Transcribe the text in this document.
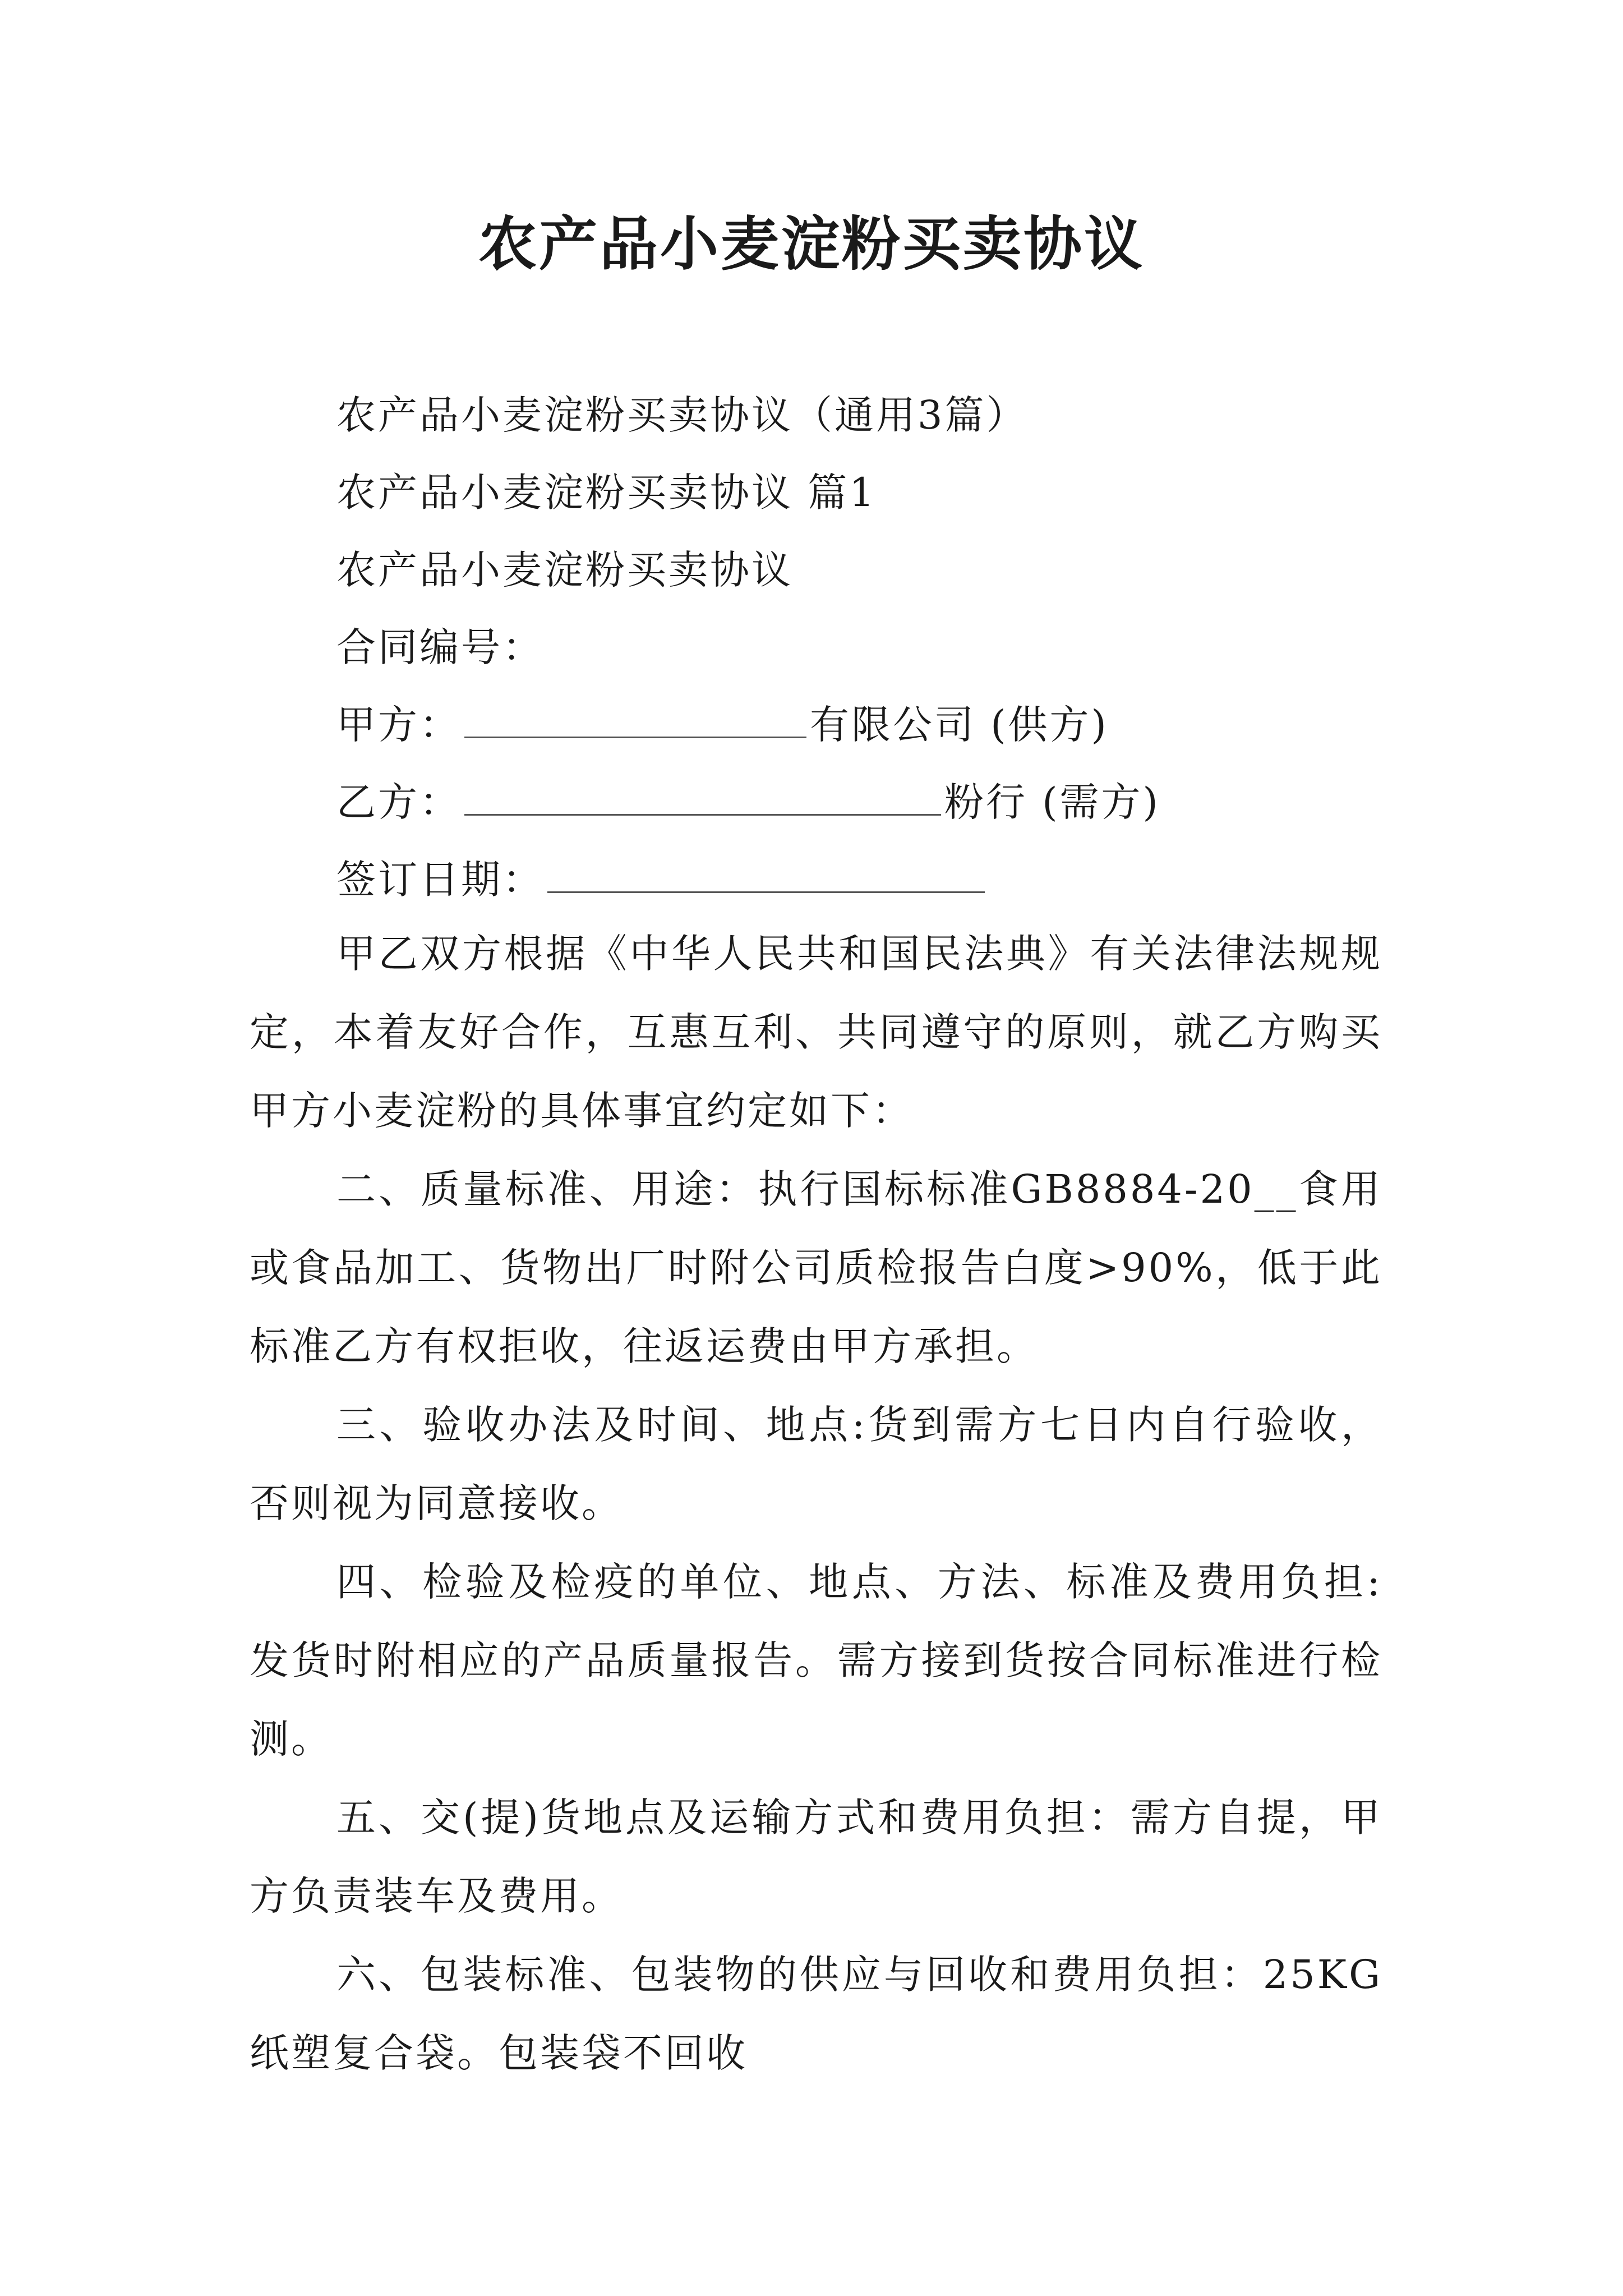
农产品小麦淀粉买卖协议
农产品小麦淀粉买卖协议（通用3篇）
农产品小麦淀粉买卖协议 篇1
农产品小麦淀粉买卖协议
合同编号：
甲方：	有限公司 (供方)
乙方：	粉行 (需方)
签订日期：

甲乙双方根据《中华人民共和国民法典》有关法律法规规定，本着友好合作，互惠互利、共同遵守的原则，就乙方购买甲方小麦淀粉的具体事宜约定如下：

二、质量标准、用途：执行国标标准GB8884-20__食用或食品加工、货物出厂时附公司质检报告白度>90%，低于此标准乙方有权拒收，往返运费由甲方承担。

三、验收办法及时间、地点:货到需方七日内自行验收，否则视为同意接收。

四、检验及检疫的单位、地点、方法、标准及费用负担:发货时附相应的产品质量报告。需方接到货按合同标准进行检测。

五、交(提)货地点及运输方式和费用负担：需方自提，甲方负责装车及费用。

六、包装标准、包装物的供应与回收和费用负担：25KG纸塑复合袋。包装袋不回收
